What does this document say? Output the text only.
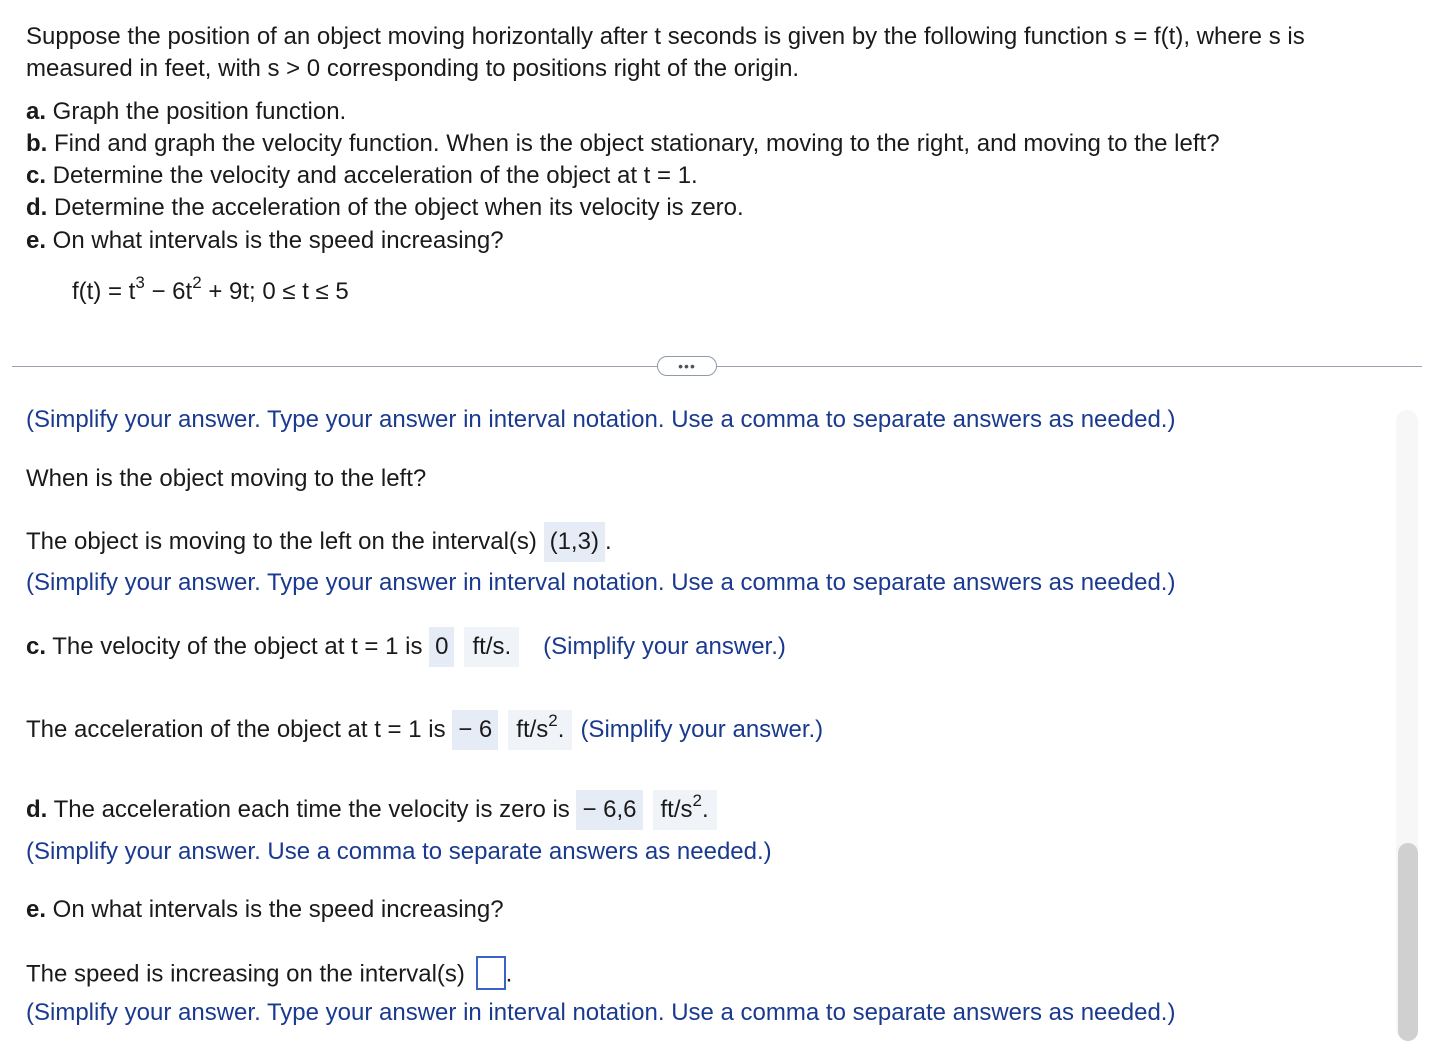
Suppose the position of an object moving horizontally after t seconds is given by the following function s = f(t), where s is
measured in feet, with s > 0 corresponding to positions right of the origin.
a. Graph the position function.
b. Find and graph the velocity function. When is the object stationary, moving to the right, and moving to the left?
c. Determine the velocity and acceleration of the object at t = 1.
d. Determine the acceleration of the object when its velocity is zero.
e. On what intervals is the speed increasing?
$f(t) = t^3 - 6t^2 + 9t$; 0 ≤ t ≤ 5
•••
(Simplify your answer. Type your answer in interval notation. Use a comma to separate answers as needed.)
When is the object moving to the left?
The object is moving to the left on the interval(s) (1,3) .
(Simplify your answer. Type your answer in interval notation. Use a comma to separate answers as needed.)
c. The velocity of the object at t = 1 is 0 ft/s. (Simplify your answer.)
The acceleration of the object at t = 1 is − 6 $ft/s^2$. (Simplify your answer.)
d. The acceleration each time the velocity is zero is − 6,6 $ft/s^2$.
(Simplify your answer. Use a comma to separate answers as needed.)
e. On what intervals is the speed increasing?
The speed is increasing on the interval(s) .
(Simplify your answer. Type your answer in interval notation. Use a comma to separate answers as needed.)
